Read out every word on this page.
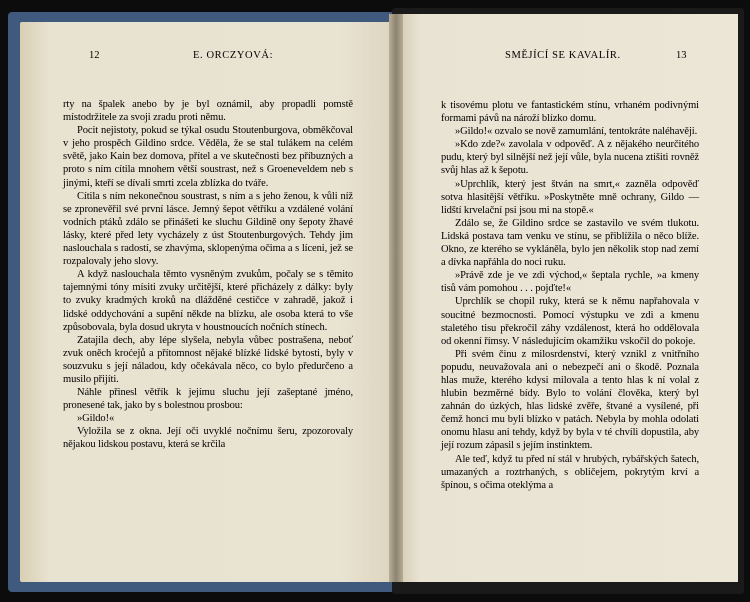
12	E. ORCZYOVÁ:	SMĚJÍCÍ SE KAVALÍR.	13

rty na špalek anebo by je byl oznámil, aby propadli pomstě místodržitele za svoji zradu proti němu.

Pocit nejistoty, pokud se týkal osudu Stoutenburgova, obměkčoval v jeho prospěch Gildino srdce. Věděla, že se stal tulákem na celém světě, jako Kain bez domova, přítel a ve skutečnosti bez příbuzných a proto s ním cítila mnohem větší soustrast, než s Groeneveldem neb s jinými, kteří se dívali smrti zcela zblízka do tváře.

Cítila s ním nekonečnou soustrast, s ním a s jeho ženou, k vůli níž se zpronevěřil své první lásce. Jemný šepot větříku a vzdálené volání vodních ptáků zdálo se přinášeti ke sluchu Gildině ony šepoty žhavé lásky, které před lety vycházely z úst Stoutenburgových. Tehdy jim naslouchala s radostí, se zhavýma, sklopenýma očima a s líceni, jež se rozpalovaly jeho slovy.

A když naslouchala těmto vysněným zvukům, počaly se s těmito tajemnými tóny mísiti zvuky určitější, které přicházely z dálky: byly to zvuky kradmých kroků na dlážděné cestičce v zahradě, jakož i lidské oddychování a supění někde na blízku, ale osoba která to vše způsobovala, byla dosud ukryta v houstnoucích nočních stínech.

Zatajila dech, aby lépe slyšela, nebyla vůbec postrašena, neboť zvuk oněch kroćejů a přítomnost nějaké blízké lidské bytosti, byly v souzvuku s její náladou, kdy očekávala něco, co bylo předurčeno a musilo přijíti.

Náhle přinesl větřík k jejímu sluchu její zašeptané jméno, pronesené tak, jako by s bolestnou prosbou:

»Gildo!«

Vyložila se z okna. Její oči uvyklé nočnímu šeru, zpozorovaly nějakou lidskou postavu, která se krčila

k tisovému plotu ve fantastickém stínu, vrhaném podivnými formami pávů na nároží blízko domu.

»Gildo!« ozvalo se nově zamumlání, tentokráte naléhavěji.

»Kdo zde?« zavolala v odpověď. A z nějakého neurčitého pudu, který byl silnější než její vůle, byla nucena ztišiti rovněž svůj hlas až k šepotu.

»Uprchlík, který jest štván na smrt,« zazněla odpověď sotva hlasitější větříku. »Poskytněte mně ochrany, Gildo — lidští krvelační psi jsou mi na stopě.«

Zdálo se, že Gildino srdce se zastavilo ve svém tlukotu. Lidská postava tam venku ve stínu, se přiblížila o něco blíže. Okno, ze kterého se vykláněla, bylo jen několik stop nad zemí a dívka napřáhla do noci ruku.

»Právě zde je ve zdi východ,« šeptala rychle, »a kmeny tisů vám pomohou . . . pojďte!«

Uprchlík se chopil ruky, která se k němu napřahovala v soucitné bezmocnosti. Pomocí výstupku ve zdi a kmenu staletého tisu překročil záhy vzdálenost, která ho oddělovala od okenní římsy. V následujícím okamžiku vskočil do pokoje.

Při svém činu z milosrdenství, který vznikl z vnitřního popudu, neuvažovala ani o nebezpečí ani o škodě. Poznala hlas muže, kterého kdysi milovala a tento hlas k ní volal z hlubin bezměrné bídy. Bylo to volání člověka, který byl zahnán do úzkých, hlas lidské zvěře, štvané a vysílené, při čemž honci mu byli blízko v patách. Nebyla by mohla odolati onomu hlasu ani tehdy, když by byla v té chvíli dopustila, aby její rozum zápasil s jejím instinktem.

Ale teď, když tu před ní stál v hrubých, rybářských šatech, umazaných a roztrhaných, s obličejem, pokrytým krví a špínou, s očima oteklýma a
